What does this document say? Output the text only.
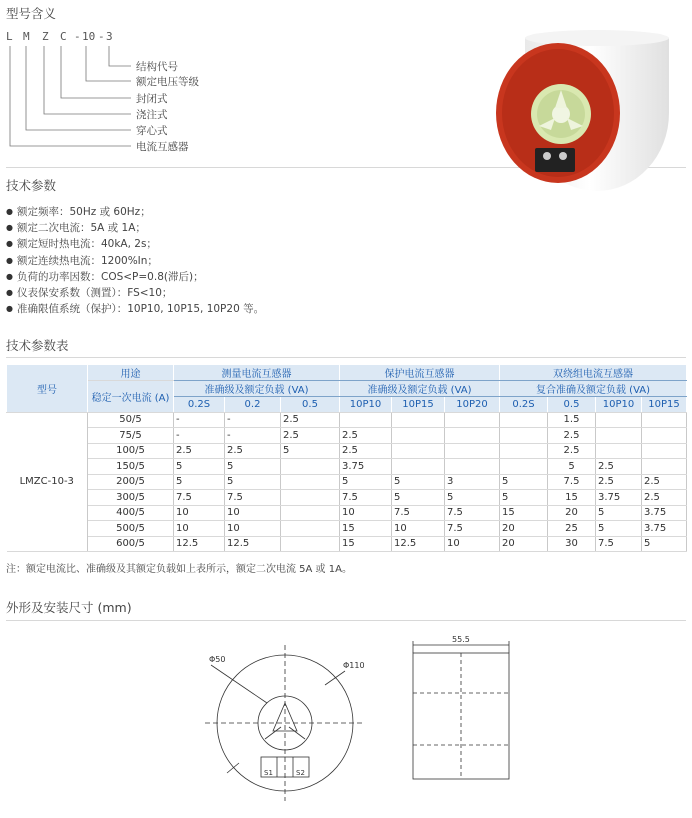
型号含义
L M Z C - 10 - 3
结构代号
额定电压等级
封闭式
浇注式
穿心式
电流互感器
技术参数
● 额定频率：50Hz 或 60Hz；
● 额定二次电流：5A 或 1A；
● 额定短时热电流：40kA, 2s；
● 额定连续热电流：1200%In；
● 负荷的功率因数：COS<P=0.8(滞后)；
● 仪表保安系数（测置）：FS<10；
● 准确限值系统（保护）：10P10, 10P15, 10P20 等。
技术参数表
型号	用途	测量电流互感器			保护电流互感器			双绕组电流互感器			
	稳定一次电流 (A)	准确级及额定负载 (VA)			准确级及额定负载 (VA)			复合准确及额定负载 (VA)			
		0.2S	0.2	0.5	10P10	10P15	10P20	0.2S	0.5	10P10	10P15
LMZC-10-3	50/5	-	-	2.5					1.5		
	75/5	-	-	2.5	2.5				2.5		
	100/5	2.5	2.5	5	2.5				2.5		
	150/5	5	5		3.75				5	2.5	
	200/5	5	5		5	5	3	5	7.5	2.5	2.5
	300/5	7.5	7.5		7.5	5	5	5	15	3.75	2.5
	400/5	10	10		10	7.5	7.5	15	20	5	3.75
	500/5	10	10		15	10	7.5	20	25	5	3.75
	600/5	12.5	12.5		15	12.5	10	20	30	7.5	5
注：额定电流比、准确级及其额定负载如上表所示，额定二次电流 5A 或 1A。
外形及安装尺寸 (mm)
Φ50
Φ110
S1	S2
55.5
